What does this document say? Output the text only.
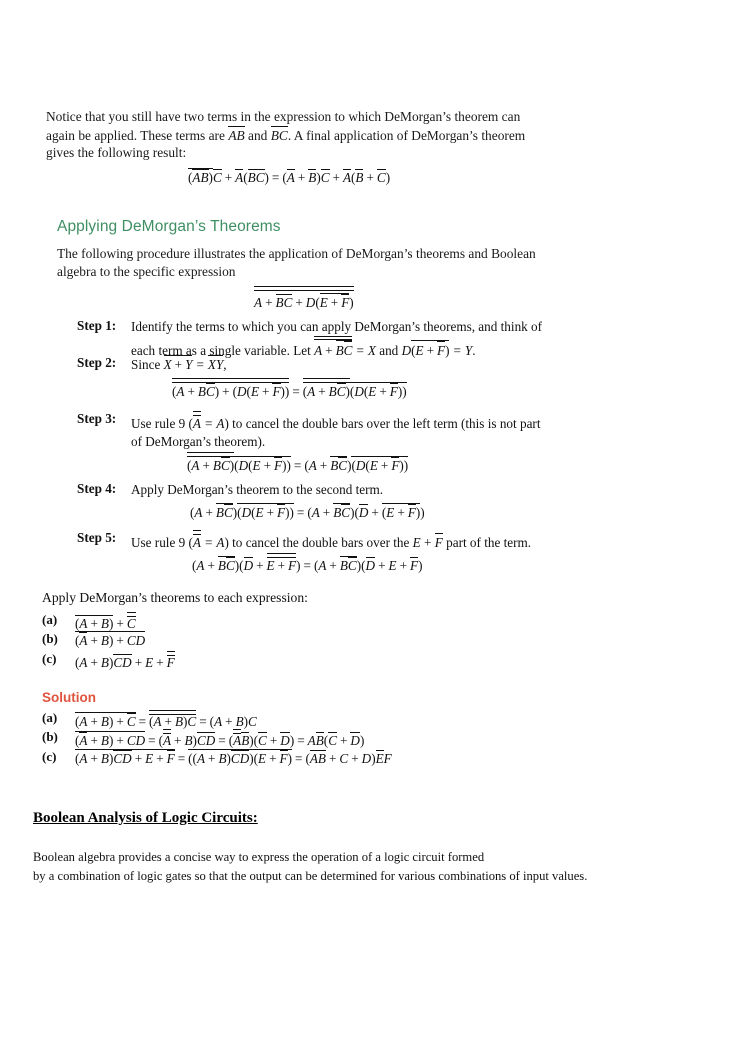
Notice that you still have two terms in the expression to which DeMorgan’s theorem can
again be applied. These terms are AB and BC. A final application of DeMorgan’s theorem
gives the following result:
(AB)C + A(BC) = (A + B)C + A(B + C)
Applying DeMorgan’s Theorems
The following procedure illustrates the application of DeMorgan’s theorems and Boolean
algebra to the specific expression
A + BC + D(E + F)
Step 1: Identify the terms to which you can apply DeMorgan’s theorems, and think of
each term as a single variable. Let A + BC = X and D(E + F) = Y.
Step 2: Since X + Y = XY,
(A + BC) + (D(E + F)) = (A + BC)(D(E + F))
Step 3: Use rule 9 (A = A) to cancel the double bars over the left term (this is not part
of DeMorgan’s theorem).
(A + BC)(D(E + F)) = (A + BC)(D(E + F))
Step 4: Apply DeMorgan’s theorem to the second term.
(A + BC)(D(E + F)) = (A + BC)(D + (E + F))
Step 5: Use rule 9 (A = A) to cancel the double bars over the E + F part of the term.
(A + BC)(D + E + F) = (A + BC)(D + E + F)
Apply DeMorgan’s theorems to each expression:
(a) (A + B) + C
(b) (A + B) + CD
(c) (A + B)CD + E + F
Solution
(a) (A + B) + C = (A + B)C = (A + B)C
(b) (A + B) + CD = (A + B)CD = (AB)(C + D) = AB(C + D)
(c) (A + B)CD + E + F = ((A + B)CD)(E + F) = (AB + C + D)EF
Boolean Analysis of Logic Circuits:
Boolean algebra provides a concise way to express the operation of a logic circuit formed
by a combination of logic gates so that the output can be determined for various combinations of input values.
